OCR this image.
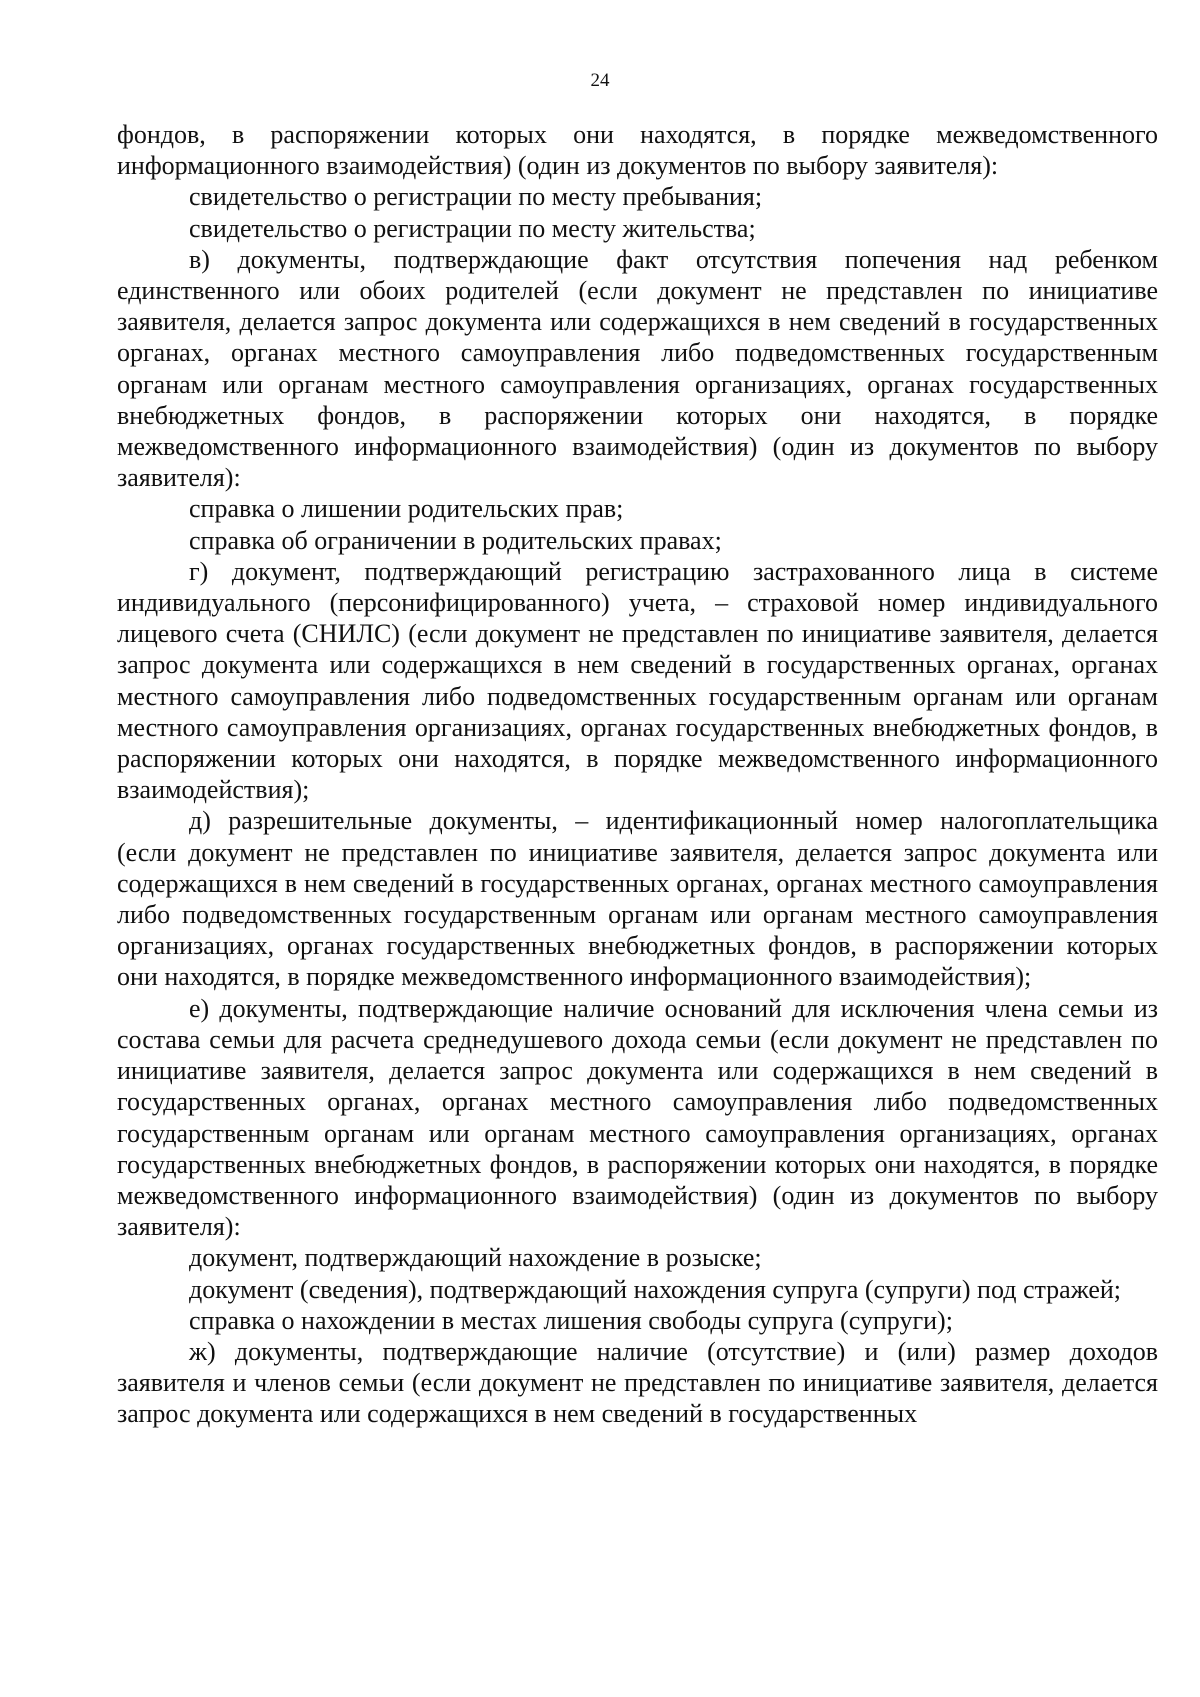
24

фондов, в распоряжении которых они находятся, в порядке межведомственного информационного взаимодействия) (один из документов по выбору заявителя):

свидетельство о регистрации по месту пребывания;

свидетельство о регистрации по месту жительства;

в) документы, подтверждающие факт отсутствия попечения над ребенком единственного или обоих родителей (если документ не представлен по инициативе заявителя, делается запрос документа или содержащихся в нем сведений в государственных органах, органах местного самоуправления либо подведомственных государственным органам или органам местного самоуправления организациях, органах государственных внебюджетных фондов, в распоряжении которых они находятся, в порядке межведомственного информационного взаимодействия) (один из документов по выбору заявителя):

справка о лишении родительских прав;

справка об ограничении в родительских правах;

г) документ, подтверждающий регистрацию застрахованного лица в системе индивидуального (персонифицированного) учета, – страховой номер индивидуального лицевого счета (СНИЛС) (если документ не представлен по инициативе заявителя, делается запрос документа или содержащихся в нем сведений в государственных органах, органах местного самоуправления либо подведомственных государственным органам или органам местного самоуправления организациях, органах государственных внебюджетных фондов, в распоряжении которых они находятся, в порядке межведомственного информационного взаимодействия);

д) разрешительные документы, – идентификационный номер налогоплательщика (если документ не представлен по инициативе заявителя, делается запрос документа или содержащихся в нем сведений в государственных органах, органах местного самоуправления либо подведомственных государственным органам или органам местного самоуправления организациях, органах государственных внебюджетных фондов, в распоряжении которых они находятся, в порядке межведомственного информационного взаимодействия);

е) документы, подтверждающие наличие оснований для исключения члена семьи из состава семьи для расчета среднедушевого дохода семьи (если документ не представлен по инициативе заявителя, делается запрос документа или содержащихся в нем сведений в государственных органах, органах местного самоуправления либо подведомственных государственным органам или органам местного самоуправления организациях, органах государственных внебюджетных фондов, в распоряжении которых они находятся, в порядке межведомственного информационного взаимодействия) (один из документов по выбору заявителя):

документ, подтверждающий нахождение в розыске;

документ (сведения), подтверждающий нахождения супруга (супруги) под стражей;

справка о нахождении в местах лишения свободы супруга (супруги);

ж) документы, подтверждающие наличие (отсутствие) и (или) размер доходов заявителя и членов семьи (если документ не представлен по инициативе заявителя, делается запрос документа или содержащихся в нем сведений в государственных
